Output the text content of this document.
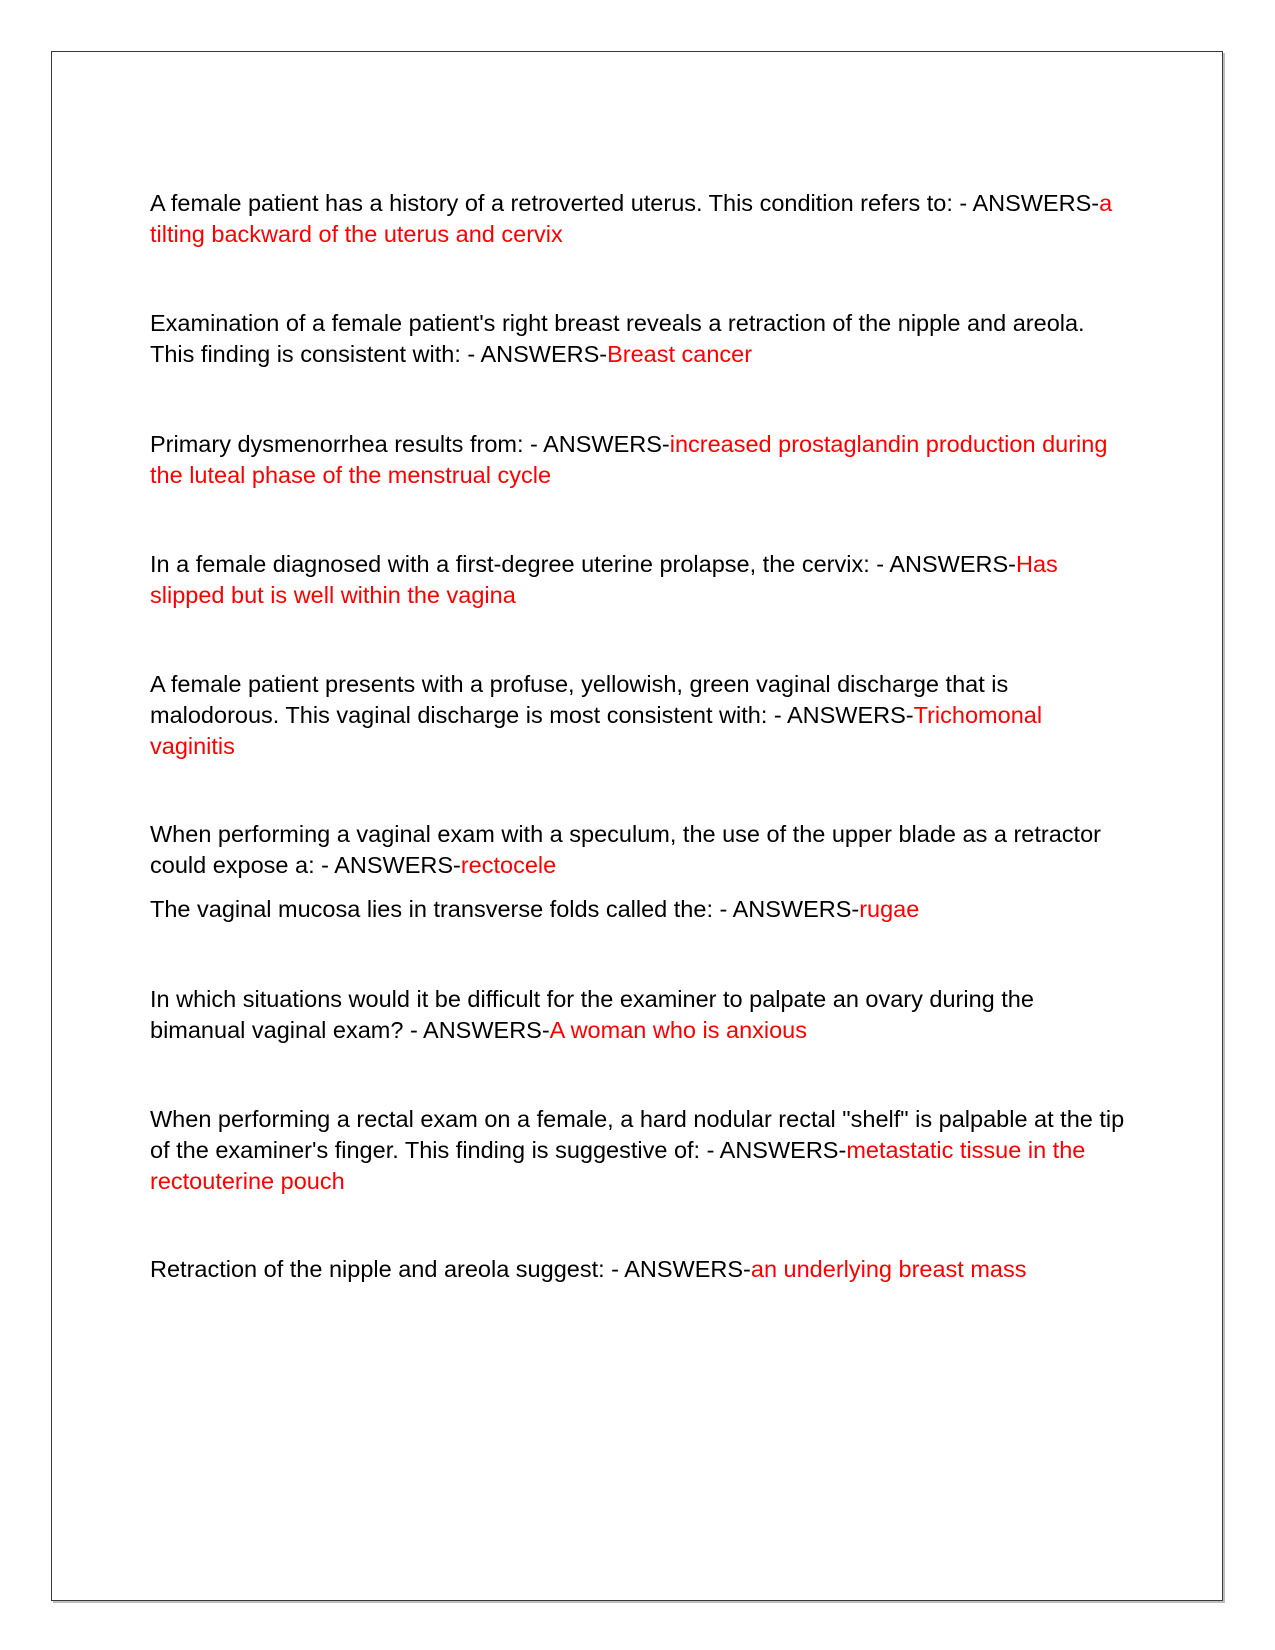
A female patient has a history of a retroverted uterus. This condition refers to: - ANSWERS-a tilting backward of the uterus and cervix

Examination of a female patient's right breast reveals a retraction of the nipple and areola. This finding is consistent with: - ANSWERS-Breast cancer

Primary dysmenorrhea results from: - ANSWERS-increased prostaglandin production during the luteal phase of the menstrual cycle

In a female diagnosed with a first-degree uterine prolapse, the cervix: - ANSWERS-Has slipped but is well within the vagina

A female patient presents with a profuse, yellowish, green vaginal discharge that is malodorous. This vaginal discharge is most consistent with: - ANSWERS-Trichomonal vaginitis

When performing a vaginal exam with a speculum, the use of the upper blade as a retractor could expose a: - ANSWERS-rectocele

The vaginal mucosa lies in transverse folds called the: - ANSWERS-rugae

In which situations would it be difficult for the examiner to palpate an ovary during the bimanual vaginal exam? - ANSWERS-A woman who is anxious

When performing a rectal exam on a female, a hard nodular rectal "shelf" is palpable at the tip of the examiner's finger. This finding is suggestive of: - ANSWERS-metastatic tissue in the rectouterine pouch

Retraction of the nipple and areola suggest: - ANSWERS-an underlying breast mass
